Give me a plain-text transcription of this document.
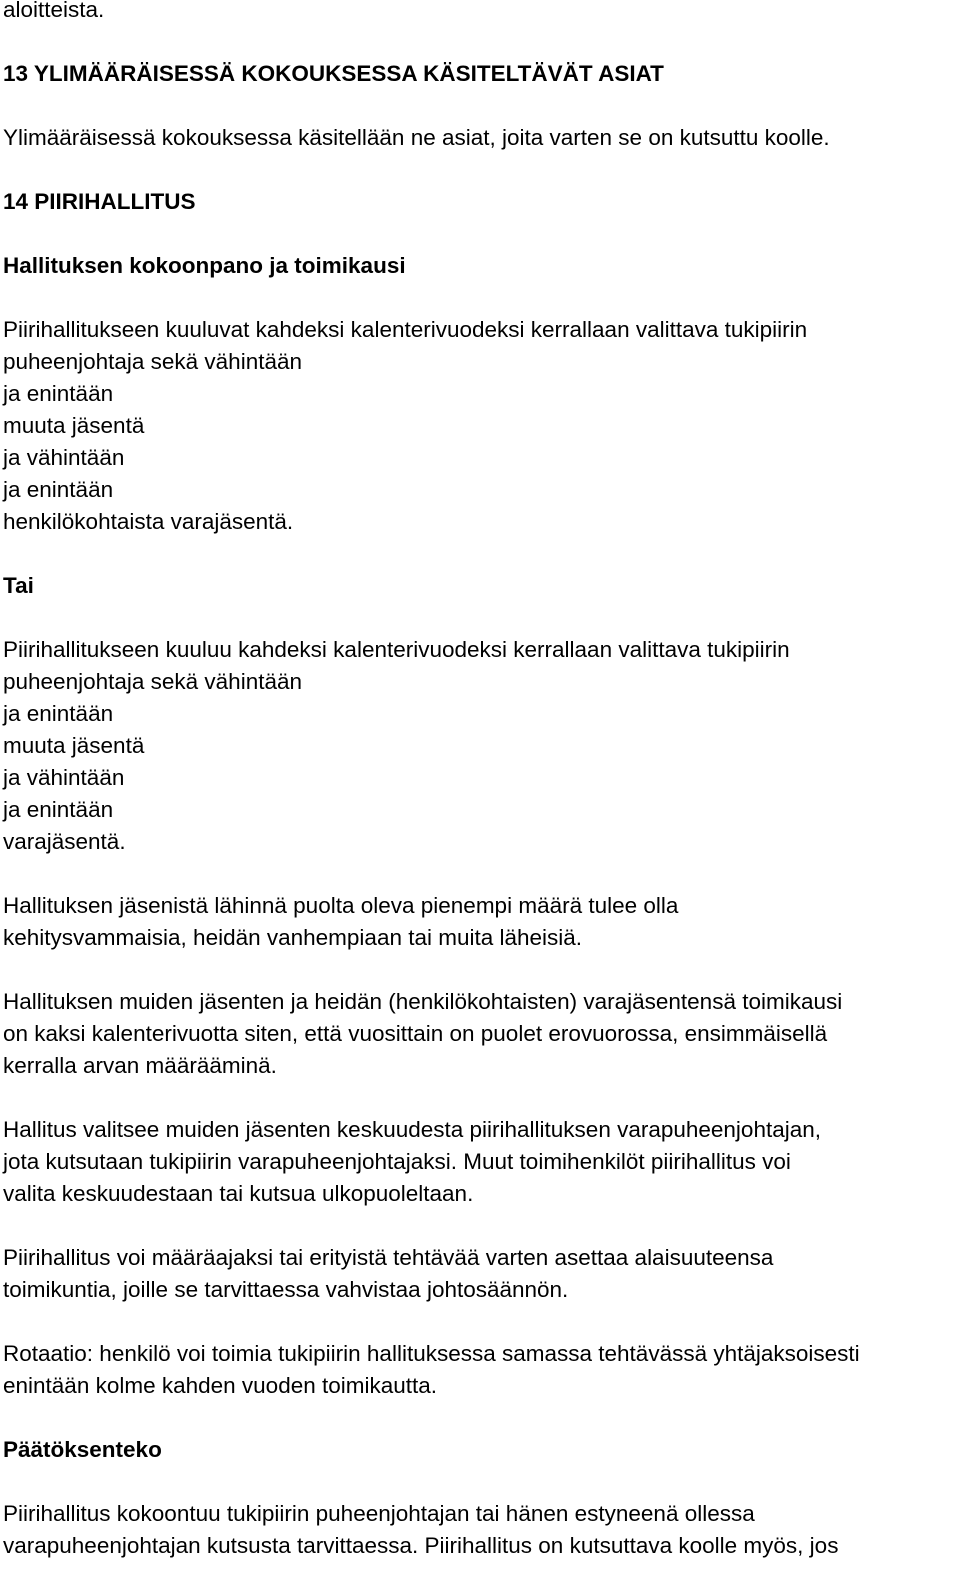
aloitteista.
13 YLIMÄÄRÄISESSÄ KOKOUKSESSA KÄSITELTÄVÄT ASIAT
Ylimääräisessä kokouksessa käsitellään ne asiat, joita varten se on kutsuttu koolle.
14 PIIRIHALLITUS
Hallituksen kokoonpano ja toimikausi
Piirihallitukseen kuuluvat kahdeksi kalenterivuodeksi kerrallaan valittava tukipiirin
puheenjohtaja sekä vähintään
ja enintään
muuta jäsentä
ja vähintään
ja enintään
henkilökohtaista varajäsentä.
Tai
Piirihallitukseen kuuluu kahdeksi kalenterivuodeksi kerrallaan valittava tukipiirin
puheenjohtaja sekä vähintään
ja enintään
muuta jäsentä
ja vähintään
ja enintään
varajäsentä.
Hallituksen jäsenistä lähinnä puolta oleva pienempi määrä tulee olla
kehitysvammaisia, heidän vanhempiaan tai muita läheisiä.
Hallituksen muiden jäsenten ja heidän (henkilökohtaisten) varajäsentensä toimikausi
on kaksi kalenterivuotta siten, että vuosittain on puolet erovuorossa, ensimmäisellä
kerralla arvan määrääminä.
Hallitus valitsee muiden jäsenten keskuudesta piirihallituksen varapuheenjohtajan,
jota kutsutaan tukipiirin varapuheenjohtajaksi. Muut toimihenkilöt piirihallitus voi
valita keskuudestaan tai kutsua ulkopuoleltaan.
Piirihallitus voi määräajaksi tai erityistä tehtävää varten asettaa alaisuuteensa
toimikuntia, joille se tarvittaessa vahvistaa johtosäännön.
Rotaatio: henkilö voi toimia tukipiirin hallituksessa samassa tehtävässä yhtäjaksoisesti
enintään kolme kahden vuoden toimikautta.
Päätöksenteko
Piirihallitus kokoontuu tukipiirin puheenjohtajan tai hänen estyneenä ollessa
varapuheenjohtajan kutsusta tarvittaessa. Piirihallitus on kutsuttava koolle myös, jos
